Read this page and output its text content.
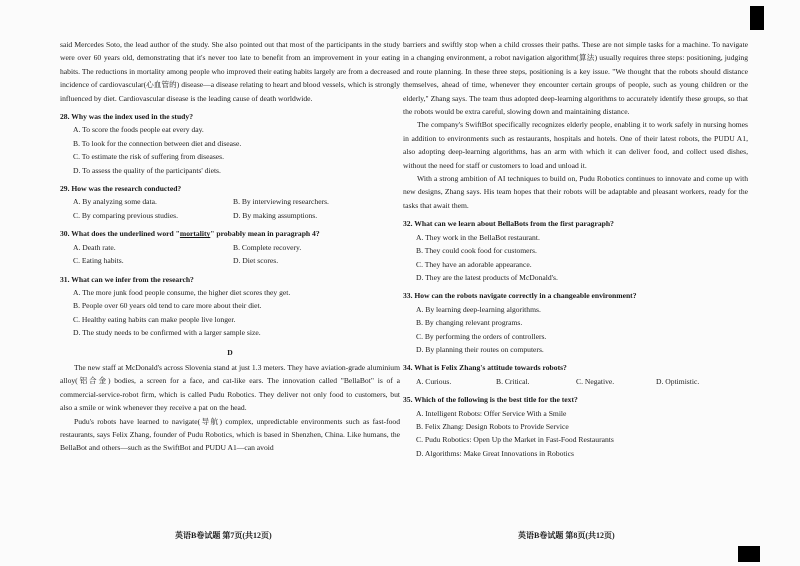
said Mercedes Soto, the lead author of the study. She also pointed out that most of the participants in the study were over 60 years old, demonstrating that it's never too late to benefit from an improvement in your eating habits. The reductions in mortality among people who improved their eating habits largely are from a decreased incidence of cardiovascular(心血管的) disease—a disease relating to heart and blood vessels, which is strongly influenced by diet. Cardiovascular disease is the leading cause of death worldwide.

28. Why was the index used in the study?

A. To score the foods people eat every day.

B. To look for the connection between diet and disease.

C. To estimate the risk of suffering from diseases.

D. To assess the quality of the participants' diets.

29. How was the research conducted?

A. By analyzing some data.	B. By interviewing researchers.
C. By comparing previous studies.	D. By making assumptions.

30. What does the underlined word "mortality" probably mean in paragraph 4?

A. Death rate.	B. Complete recovery.
C. Eating habits.	D. Diet scores.

31. What can we infer from the research?

A. The more junk food people consume, the higher diet scores they get.

B. People over 60 years old tend to care more about their diet.

C. Healthy eating habits can make people live longer.

D. The study needs to be confirmed with a larger sample size.

D

The new staff at McDonald's across Slovenia stand at just 1.3 meters. They have aviation-grade aluminium alloy(铝合金) bodies, a screen for a face, and cat-like ears. The innovation called "BellaBot" is of a commercial-service-robot firm, which is called Pudu Robotics. They deliver not only food to customers, but also a smile or wink whenever they receive a pat on the head.

Pudu's robots have learned to navigate(导航) complex, unpredictable environments such as fast-food restaurants, says Felix Zhang, founder of Pudu Robotics, which is based in Shenzhen, China. Like humans, the BellaBot and others—such as the SwiftBot and PUDU A1—can avoid

barriers and swiftly stop when a child crosses their paths. These are not simple tasks for a machine. To navigate in a changing environment, a robot navigation algorithm(算法) usually requires three steps: positioning, judging and route planning. In these three steps, positioning is a key issue. "We thought that the robots should distance themselves, ahead of time, whenever they encounter certain groups of people, such as young children or the elderly," Zhang says. The team thus adopted deep-learning algorithms to accurately identify these groups, so that the robots would be extra careful, slowing down and maintaining distance.

The company's SwiftBot specifically recognizes elderly people, enabling it to work safely in nursing homes in addition to environments such as restaurants, hospitals and hotels. One of their latest robots, the PUDU A1, also adopting deep-learning algorithms, has an arm with which it can deliver food, and collect used dishes, without the need for staff or customers to load and unload it.

With a strong ambition of AI techniques to build on, Pudu Robotics continues to innovate and come up with new designs, Zhang says. His team hopes that their robots will be adaptable and pleasant workers, ready for the tasks that await them.

32. What can we learn about BellaBots from the first paragraph?

A. They work in the BellaBot restaurant.

B. They could cook food for customers.

C. They have an adorable appearance.

D. They are the latest products of McDonald's.

33. How can the robots navigate correctly in a changeable environment?

A. By learning deep-learning algorithms.

B. By changing relevant programs.

C. By performing the orders of controllers.

D. By planning their routes on computers.

34. What is Felix Zhang's attitude towards robots?

A. Curious.	B. Critical.	C. Negative.	D. Optimistic.

35. Which of the following is the best title for the text?

A. Intelligent Robots: Offer Service With a Smile

B. Felix Zhang: Design Robots to Provide Service

C. Pudu Robotics: Open Up the Market in Fast-Food Restaurants

D. Algorithms: Make Great Innovations in Robotics

英语B卷试题 第7页(共12页)	英语B卷试题 第8页(共12页)
